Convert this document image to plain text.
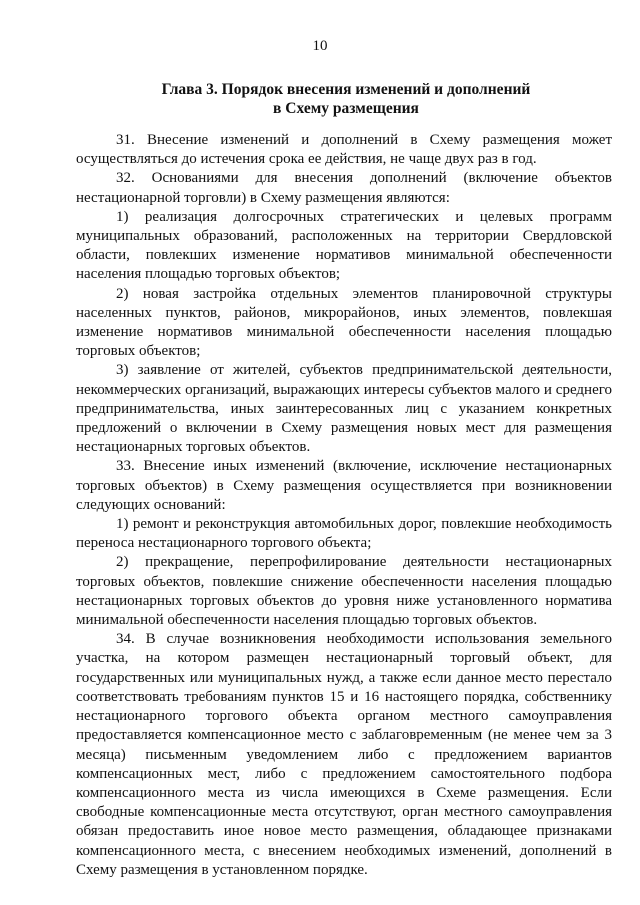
10
Глава 3. Порядок внесения изменений и дополнений
в Схему размещения

31. Внесение изменений и дополнений в Схему размещения может осуществляться до истечения срока ее действия, не чаще двух раз в год.

32. Основаниями для внесения дополнений (включение объектов нестационарной торговли) в Схему размещения являются:

1) реализация долгосрочных стратегических и целевых программ муниципальных образований, расположенных на территории Свердловской области, повлекших изменение нормативов минимальной обеспеченности населения площадью торговых объектов;

2) новая застройка отдельных элементов планировочной структуры населенных пунктов, районов, микрорайонов, иных элементов, повлекшая изменение нормативов минимальной обеспеченности населения площадью торговых объектов;

3) заявление от жителей, субъектов предпринимательской деятельности, некоммерческих организаций, выражающих интересы субъектов малого и среднего предпринимательства, иных заинтересованных лиц с указанием конкретных предложений о включении в Схему размещения новых мест для размещения нестационарных торговых объектов.

33. Внесение иных изменений (включение, исключение нестационарных торговых объектов) в Схему размещения осуществляется при возникновении следующих оснований:

1) ремонт и реконструкция автомобильных дорог, повлекшие необходимость переноса нестационарного торгового объекта;

2) прекращение, перепрофилирование деятельности нестационарных торговых объектов, повлекшие снижение обеспеченности населения площадью нестационарных торговых объектов до уровня ниже установленного норматива минимальной обеспеченности населения площадью торговых объектов.

34. В случае возникновения необходимости использования земельного участка, на котором размещен нестационарный торговый объект, для государственных или муниципальных нужд, а также если данное место перестало соответствовать требованиям пунктов 15 и 16 настоящего порядка, собственнику нестационарного торгового объекта органом местного самоуправления предоставляется компенсационное место с заблаговременным (не менее чем за 3 месяца) письменным уведомлением либо с предложением вариантов компенсационных мест, либо с предложением самостоятельного подбора компенсационного места из числа имеющихся в Схеме размещения. Если свободные компенсационные места отсутствуют, орган местного самоуправления обязан предоставить иное новое место размещения, обладающее признаками компенсационного места, с внесением необходимых изменений, дополнений в Схему размещения в установленном порядке.
